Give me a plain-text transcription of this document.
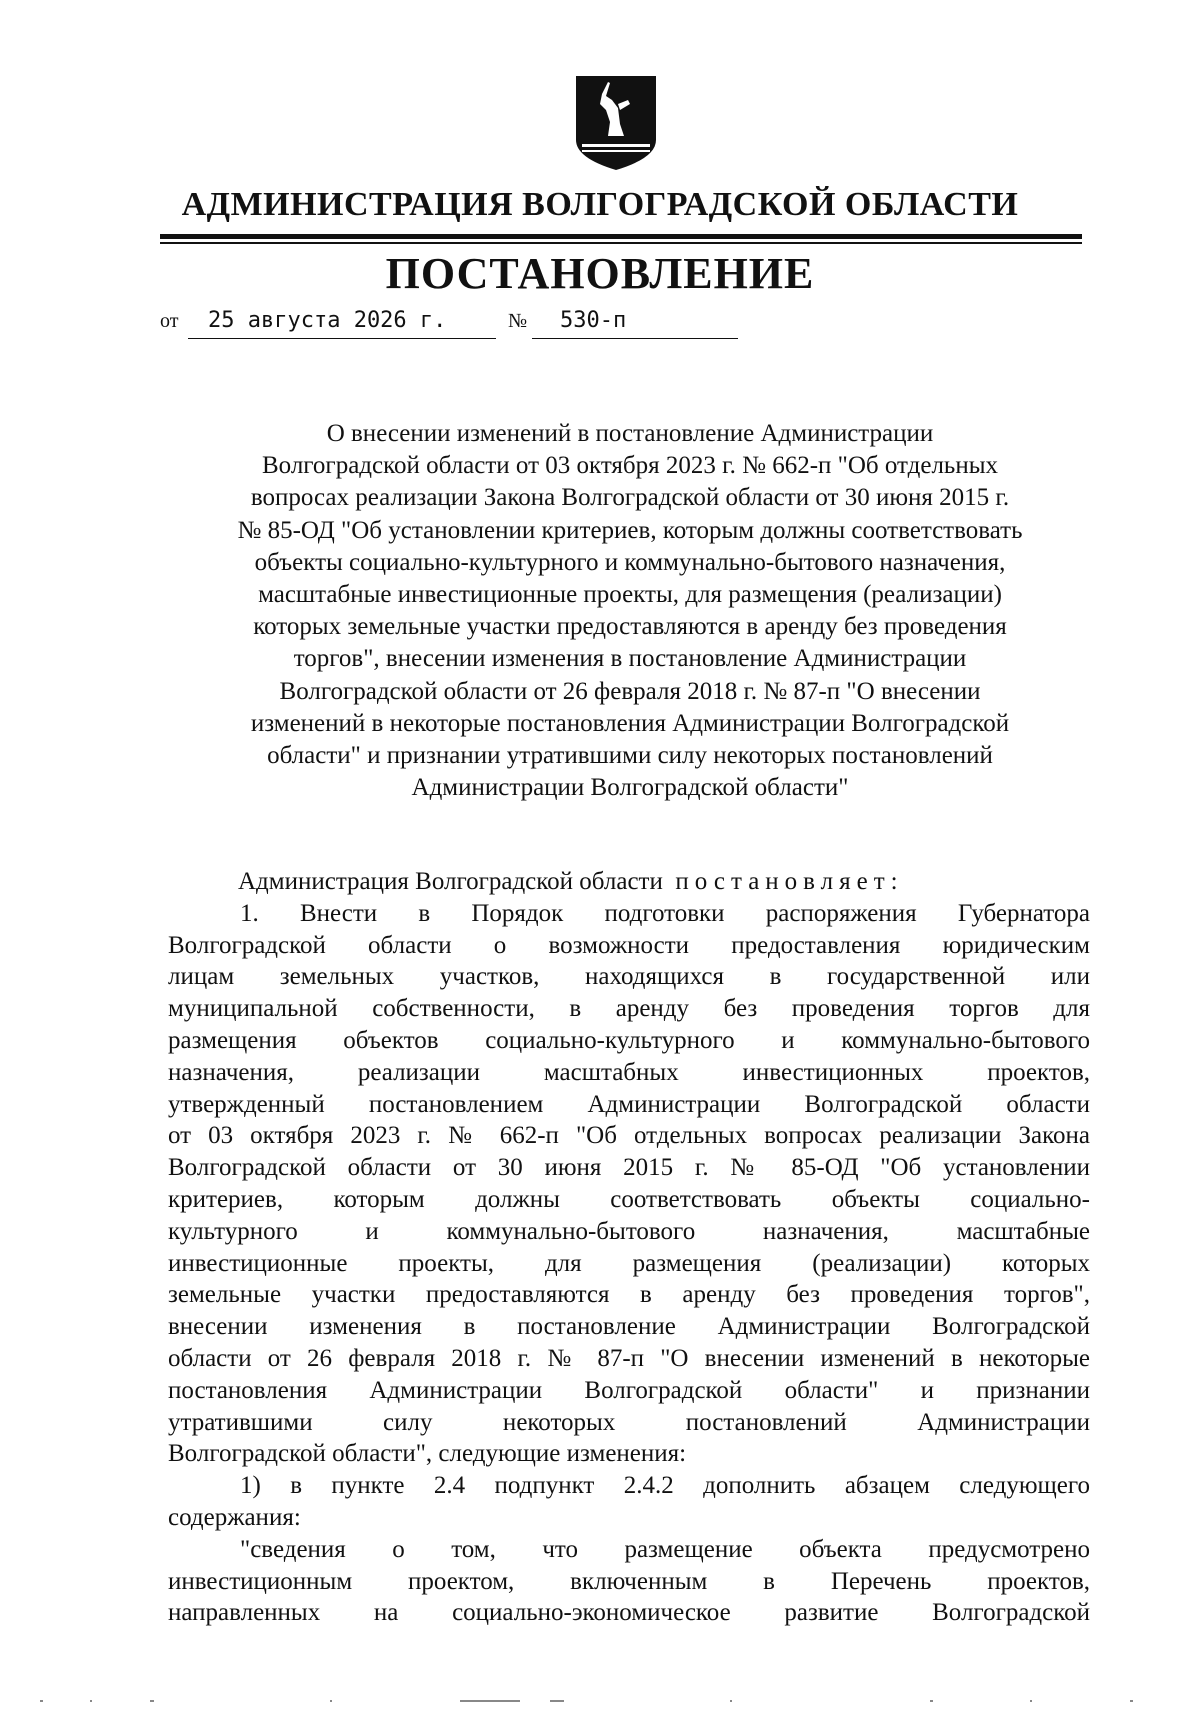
АДМИНИСТРАЦИЯ ВОЛГОГРАДСКОЙ ОБЛАСТИ
ПОСТАНОВЛЕНИЕ
от 25 августа 2026 г.	№ 530-п
О внесении изменений в постановление Администрации
Волгоградской области от 03 октября 2023 г. № 662-п "Об отдельных
вопросах реализации Закона Волгоградской области от 30 июня 2015 г.
№ 85-ОД "Об установлении критериев, которым должны соответствовать
объекты социально-культурного и коммунально-бытового назначения,
масштабные инвестиционные проекты, для размещения (реализации)
которых земельные участки предоставляются в аренду без проведения
торгов", внесении изменения в постановление Администрации
Волгоградской области от 26 февраля 2018 г. № 87-п "О внесении
изменений в некоторые постановления Администрации Волгоградской
области" и признании утратившими силу некоторых постановлений
Администрации Волгоградской области"
Администрация Волгоградской области постановляет:
1. Внести в Порядок подготовки распоряжения Губернатора
Волгоградской области о возможности предоставления юридическим
лицам земельных участков, находящихся в государственной или
муниципальной собственности, в аренду без проведения торгов для
размещения объектов социально-культурного и коммунально-бытового
назначения, реализации масштабных инвестиционных проектов,
утвержденный постановлением Администрации Волгоградской области
от 03 октября 2023 г. № 662-п "Об отдельных вопросах реализации Закона
Волгоградской области от 30 июня 2015 г. № 85-ОД "Об установлении
критериев, которым должны соответствовать объекты социально-
культурного и коммунально-бытового назначения, масштабные
инвестиционные проекты, для размещения (реализации) которых
земельные участки предоставляются в аренду без проведения торгов",
внесении изменения в постановление Администрации Волгоградской
области от 26 февраля 2018 г. № 87-п "О внесении изменений в некоторые
постановления Администрации Волгоградской области" и признании
утратившими силу некоторых постановлений Администрации
Волгоградской области", следующие изменения:
1) в пункте 2.4 подпункт 2.4.2 дополнить абзацем следующего
содержания:
"сведения о том, что размещение объекта предусмотрено
инвестиционным проектом, включенным в Перечень проектов,
направленных на социально-экономическое развитие Волгоградской
